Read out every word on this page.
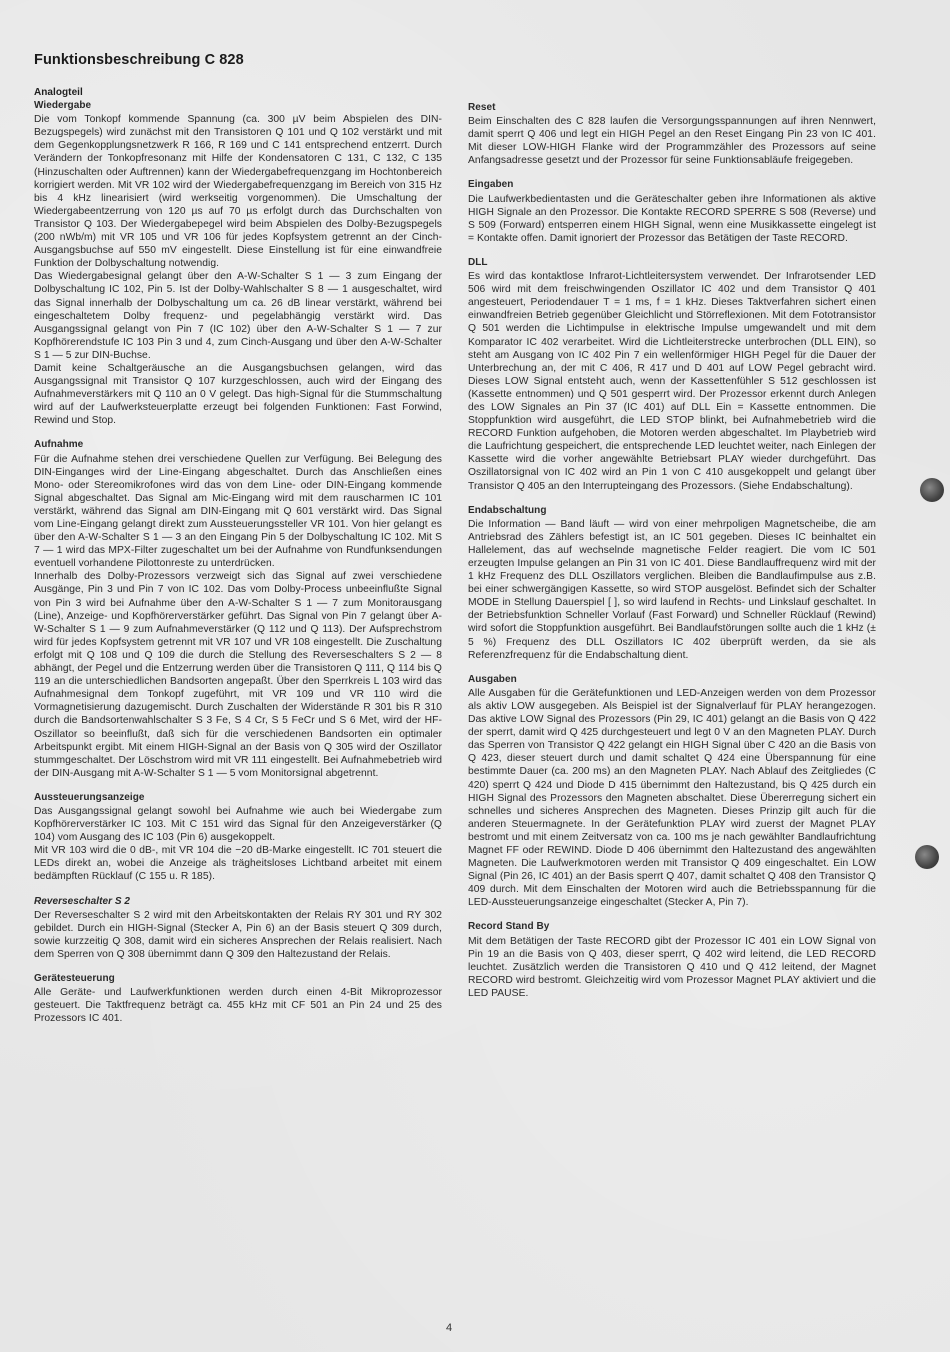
Funktionsbeschreibung C 828
Analogteil
Wiedergabe

Die vom Tonkopf kommende Spannung (ca. 300 µV beim Abspielen des DIN-Bezugspegels) wird zunächst mit den Transistoren Q 101 und Q 102 verstärkt und mit dem Gegenkopplungsnetzwerk R 166, R 169 und C 141 entsprechend entzerrt. Durch Verändern der Tonkopfresonanz mit Hilfe der Kondensatoren C 131, C 132, C 135 (Hinzuschalten oder Auftrennen) kann der Wiedergabefrequenzgang im Hochtonbereich korrigiert werden. Mit VR 102 wird der Wiedergabefrequenzgang im Bereich von 315 Hz bis 4 kHz linearisiert (wird werkseitig vorgenommen). Die Umschaltung der Wiedergabeentzerrung von 120 µs auf 70 µs erfolgt durch das Durchschalten von Transistor Q 103. Der Wiedergabepegel wird beim Abspielen des Dolby-Bezugspegels (200 nWb/m) mit VR 105 und VR 106 für jedes Kopfsystem getrennt an der Cinch-Ausgangsbuchse auf 550 mV eingestellt. Diese Einstellung ist für eine einwandfreie Funktion der Dolbyschaltung notwendig.

Das Wiedergabesignal gelangt über den A-W-Schalter S 1 — 3 zum Eingang der Dolbyschaltung IC 102, Pin 5. Ist der Dolby-Wahlschalter S 8 — 1 ausgeschaltet, wird das Signal innerhalb der Dolbyschaltung um ca. 26 dB linear verstärkt, während bei eingeschaltetem Dolby frequenz- und pegelabhängig verstärkt wird. Das Ausgangssignal gelangt von Pin 7 (IC 102) über den A-W-Schalter S 1 — 7 zur Kopfhörerendstufe IC 103 Pin 3 und 4, zum Cinch-Ausgang und über den A-W-Schalter S 1 — 5 zur DIN-Buchse.

Damit keine Schaltgeräusche an die Ausgangsbuchsen gelangen, wird das Ausgangssignal mit Transistor Q 107 kurzgeschlossen, auch wird der Eingang des Aufnahmeverstärkers mit Q 110 an 0 V gelegt. Das high-Signal für die Stummschaltung wird auf der Laufwerksteuerplatte erzeugt bei folgenden Funktionen: Fast Forwind, Rewind und Stop.

Aufnahme

Für die Aufnahme stehen drei verschiedene Quellen zur Verfügung. Bei Belegung des DIN-Einganges wird der Line-Eingang abgeschaltet. Durch das Anschließen eines Mono- oder Stereomikrofones wird das von dem Line- oder DIN-Eingang kommende Signal abgeschaltet. Das Signal am Mic-Eingang wird mit dem rauscharmen IC 101 verstärkt, während das Signal am DIN-Eingang mit Q 601 verstärkt wird. Das Signal vom Line-Eingang gelangt direkt zum Aussteuerungssteller VR 101. Von hier gelangt es über den A-W-Schalter S 1 — 3 an den Eingang Pin 5 der Dolbyschaltung IC 102. Mit S 7 — 1 wird das MPX-Filter zugeschaltet um bei der Aufnahme von Rundfunksendungen eventuell vorhandene Pilottonreste zu unterdrücken.

Innerhalb des Dolby-Prozessors verzweigt sich das Signal auf zwei verschiedene Ausgänge, Pin 3 und Pin 7 von IC 102. Das vom Dolby-Process unbeeinflußte Signal von Pin 3 wird bei Aufnahme über den A-W-Schalter S 1 — 7 zum Monitorausgang (Line), Anzeige- und Kopfhörerverstärker geführt. Das Signal von Pin 7 gelangt über A-W-Schalter S 1 — 9 zum Aufnahmeverstärker (Q 112 und Q 113). Der Aufsprechstrom wird für jedes Kopfsystem getrennt mit VR 107 und VR 108 eingestellt. Die Zuschaltung erfolgt mit Q 108 und Q 109 die durch die Stellung des Reverseschalters S 2 — 8 abhängt, der Pegel und die Entzerrung werden über die Transistoren Q 111, Q 114 bis Q 119 an die unterschiedlichen Bandsorten angepaßt. Über den Sperrkreis L 103 wird das Aufnahmesignal dem Tonkopf zugeführt, mit VR 109 und VR 110 wird die Vormagnetisierung dazugemischt. Durch Zuschalten der Widerstände R 301 bis R 310 durch die Bandsortenwahlschalter S 3 Fe, S 4 Cr, S 5 FeCr und S 6 Met, wird der HF-Oszillator so beeinflußt, daß sich für die verschiedenen Bandsorten ein optimaler Arbeitspunkt ergibt. Mit einem HIGH-Signal an der Basis von Q 305 wird der Oszillator stummgeschaltet. Der Löschstrom wird mit VR 111 eingestellt. Bei Aufnahmebetrieb wird der DIN-Ausgang mit A-W-Schalter S 1 — 5 vom Monitorsignal abgetrennt.

Aussteuerungsanzeige

Das Ausgangssignal gelangt sowohl bei Aufnahme wie auch bei Wiedergabe zum Kopfhörerverstärker IC 103. Mit C 151 wird das Signal für den Anzeigeverstärker (Q 104) vom Ausgang des IC 103 (Pin 6) ausgekoppelt.

Mit VR 103 wird die 0 dB-, mit VR 104 die −20 dB-Marke eingestellt. IC 701 steuert die LEDs direkt an, wobei die Anzeige als trägheitsloses Lichtband arbeitet mit einem bedämpften Rücklauf (C 155 u. R 185).

Reverseschalter S 2

Der Reverseschalter S 2 wird mit den Arbeitskontakten der Relais RY 301 und RY 302 gebildet. Durch ein HIGH-Signal (Stecker A, Pin 6) an der Basis steuert Q 309 durch, sowie kurzzeitig Q 308, damit wird ein sicheres Ansprechen der Relais realisiert. Nach dem Sperren von Q 308 übernimmt dann Q 309 den Haltezustand der Relais.

Gerätesteuerung

Alle Geräte- und Laufwerkfunktionen werden durch einen 4-Bit Mikroprozessor gesteuert. Die Taktfrequenz beträgt ca. 455 kHz mit CF 501 an Pin 24 und 25 des Prozessors IC 401.

Reset

Beim Einschalten des C 828 laufen die Versorgungsspannungen auf ihren Nennwert, damit sperrt Q 406 und legt ein HIGH Pegel an den Reset Eingang Pin 23 von IC 401. Mit dieser LOW-HIGH Flanke wird der Programmzähler des Prozessors auf seine Anfangsadresse gesetzt und der Prozessor für seine Funktionsabläufe freigegeben.

Eingaben

Die Laufwerkbedientasten und die Geräteschalter geben ihre Informationen als aktive HIGH Signale an den Prozessor. Die Kontakte RECORD SPERRE S 508 (Reverse) und S 509 (Forward) entsperren einem HIGH Signal, wenn eine Musikkassette eingelegt ist = Kontakte offen. Damit ignoriert der Prozessor das Betätigen der Taste RECORD.

DLL

Es wird das kontaktlose Infrarot-Lichtleitersystem verwendet. Der Infrarotsender LED 506 wird mit dem freischwingenden Oszillator IC 402 und dem Transistor Q 401 angesteuert, Periodendauer T = 1 ms, f = 1 kHz. Dieses Taktverfahren sichert einen einwandfreien Betrieb gegenüber Gleichlicht und Störreflexionen. Mit dem Fototransistor Q 501 werden die Lichtimpulse in elektrische Impulse umgewandelt und mit dem Komparator IC 402 verarbeitet. Wird die Lichtleiterstrecke unterbrochen (DLL EIN), so steht am Ausgang von IC 402 Pin 7 ein wellenförmiger HIGH Pegel für die Dauer der Unterbrechung an, der mit C 406, R 417 und D 401 auf LOW Pegel gebracht wird. Dieses LOW Signal entsteht auch, wenn der Kassettenfühler S 512 geschlossen ist (Kassette entnommen) und Q 501 gesperrt wird. Der Prozessor erkennt durch Anlegen des LOW Signales an Pin 37 (IC 401) auf DLL Ein = Kassette entnommen. Die Stoppfunktion wird ausgeführt, die LED STOP blinkt, bei Aufnahmebetrieb wird die RECORD Funktion aufgehoben, die Motoren werden abgeschaltet. Im Playbetrieb wird die Laufrichtung gespeichert, die entsprechende LED leuchtet weiter, nach Einlegen der Kassette wird die vorher angewählte Betriebsart PLAY wieder durchgeführt. Das Oszillatorsignal von IC 402 wird an Pin 1 von C 410 ausgekoppelt und gelangt über Transistor Q 405 an den Interrupteingang des Prozessors. (Siehe Endabschaltung).

Endabschaltung

Die Information — Band läuft — wird von einer mehrpoligen Magnetscheibe, die am Antriebsrad des Zählers befestigt ist, an IC 501 gegeben. Dieses IC beinhaltet ein Hallelement, das auf wechselnde magnetische Felder reagiert. Die vom IC 501 erzeugten Impulse gelangen an Pin 31 von IC 401. Diese Bandlauffrequenz wird mit der 1 kHz Frequenz des DLL Oszillators verglichen. Bleiben die Bandlaufimpulse aus z.B. bei einer schwergängigen Kassette, so wird STOP ausgelöst. Befindet sich der Schalter MODE in Stellung Dauerspiel [ ], so wird laufend in Rechts- und Linkslauf geschaltet. In der Betriebsfunktion Schneller Vorlauf (Fast Forward) und Schneller Rücklauf (Rewind) wird sofort die Stoppfunktion ausgeführt. Bei Bandlaufstörungen sollte auch die 1 kHz (± 5 %) Frequenz des DLL Oszillators IC 402 überprüft werden, da sie als Referenzfrequenz für die Endabschaltung dient.

Ausgaben

Alle Ausgaben für die Gerätefunktionen und LED-Anzeigen werden von dem Prozessor als aktiv LOW ausgegeben. Als Beispiel ist der Signalverlauf für PLAY herangezogen. Das aktive LOW Signal des Prozessors (Pin 29, IC 401) gelangt an die Basis von Q 422 der sperrt, damit wird Q 425 durchgesteuert und legt 0 V an den Magneten PLAY. Durch das Sperren von Transistor Q 422 gelangt ein HIGH Signal über C 420 an die Basis von Q 423, dieser steuert durch und damit schaltet Q 424 eine Überspannung für eine bestimmte Dauer (ca. 200 ms) an den Magneten PLAY. Nach Ablauf des Zeitgliedes (C 420) sperrt Q 424 und Diode D 415 übernimmt den Haltezustand, bis Q 425 durch ein HIGH Signal des Prozessors den Magneten abschaltet. Diese Übererregung sichert ein schnelles und sicheres Ansprechen des Magneten. Dieses Prinzip gilt auch für die anderen Steuermagnete. In der Gerätefunktion PLAY wird zuerst der Magnet PLAY bestromt und mit einem Zeitversatz von ca. 100 ms je nach gewählter Bandlaufrichtung Magnet FF oder REWIND. Diode D 406 übernimmt den Haltezustand des angewählten Magneten. Die Laufwerkmotoren werden mit Transistor Q 409 eingeschaltet. Ein LOW Signal (Pin 26, IC 401) an der Basis sperrt Q 407, damit schaltet Q 408 den Transistor Q 409 durch. Mit dem Einschalten der Motoren wird auch die Betriebsspannung für die LED-Aussteuerungsanzeige eingeschaltet (Stecker A, Pin 7).

Record Stand By

Mit dem Betätigen der Taste RECORD gibt der Prozessor IC 401 ein LOW Signal von Pin 19 an die Basis von Q 403, dieser sperrt, Q 402 wird leitend, die LED RECORD leuchtet. Zusätzlich werden die Transistoren Q 410 und Q 412 leitend, der Magnet RECORD wird bestromt. Gleichzeitig wird vom Prozessor Magnet PLAY aktiviert und die LED PAUSE.

4
